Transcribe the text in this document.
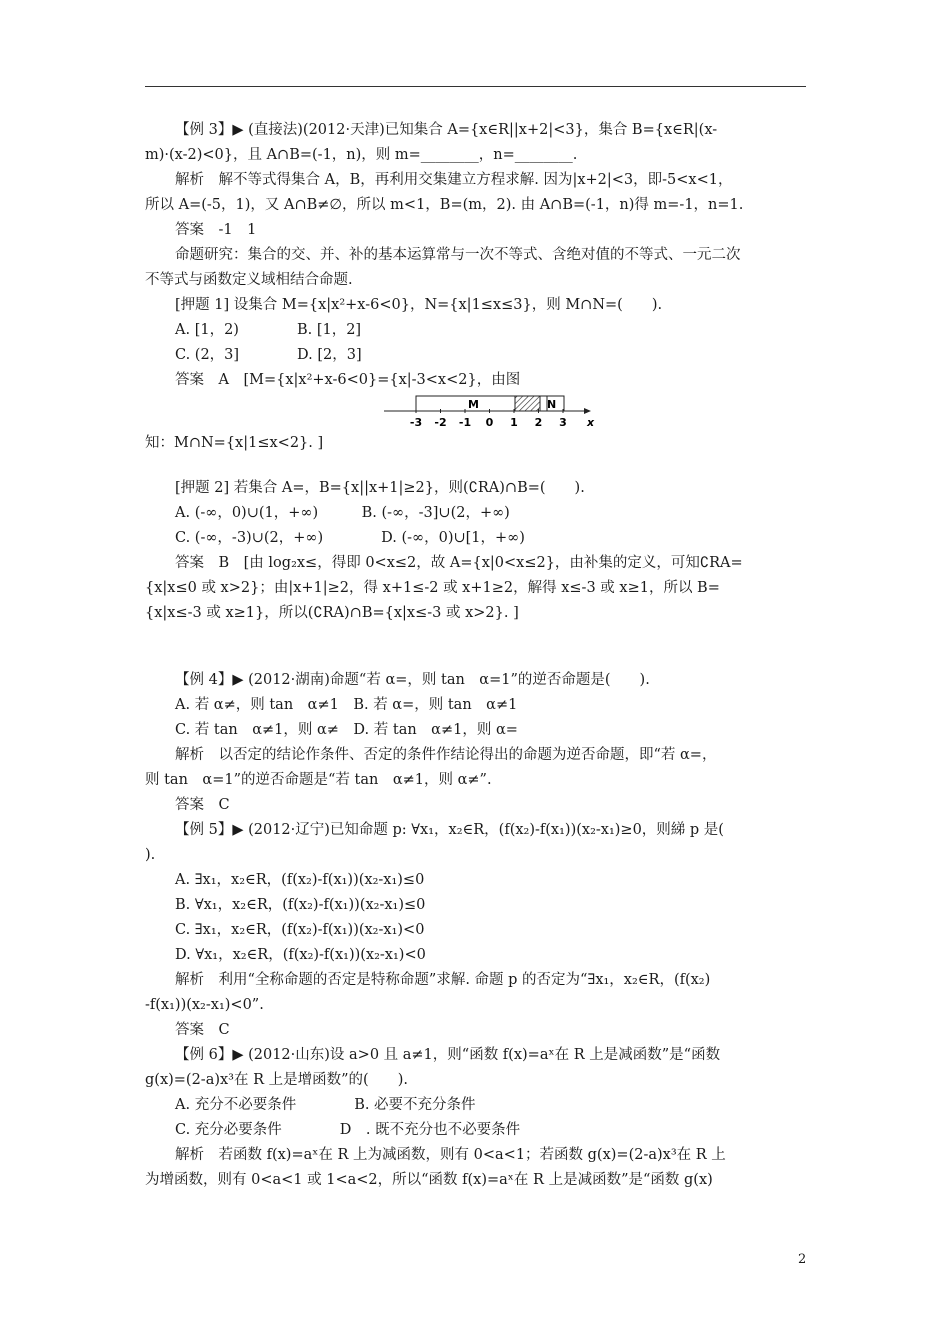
【例 3】▶ (直接法)(2012·天津)已知集合 A={x∈R||x+2|<3}，集合 B={x∈R|(x-
m)·(x-2)<0}，且 A∩B=(-1，n)，则 m=________，n=________.
解析　解不等式得集合 A，B，再利用交集建立方程求解. 因为|x+2|<3，即-5<x<1，
所以 A=(-5，1)，又 A∩B≠∅，所以 m<1，B=(m，2). 由 A∩B=(-1，n)得 m=-1，n=1.
答案　-1　1
命题研究：集合的交、并、补的基本运算常与一次不等式、含绝对值的不等式、一元二次
不等式与函数定义域相结合命题.
[押题 1] 设集合 M={x|x²+x-6<0}，N={x|1≤x≤3}，则 M∩N=(　　).
A. [1，2)　　　　B. [1，2]
C. (2，3]　　　　D. [2，3]
答案　A　[M={x|x²+x-6<0}={x|-3<x<2}，由图
M	N
-3 -2 -1 0 1 2 3 x
知：M∩N={x|1≤x<2}. ]
[押题 2] 若集合 A=，B={x||x+1|≥2}，则(∁RA)∩B=(　　).
A. (-∞，0)∪(1，+∞)　　　B. (-∞，-3]∪(2，+∞)
C. (-∞，-3)∪(2，+∞)　　　　D. (-∞，0)∪[1，+∞)
答案　B　[由 log₂x≤，得即 0<x≤2，故 A={x|0<x≤2}，由补集的定义，可知∁RA=
{x|x≤0 或 x>2}；由|x+1|≥2，得 x+1≤-2 或 x+1≥2，解得 x≤-3 或 x≥1，所以 B=
{x|x≤-3 或 x≥1}，所以(∁RA)∩B={x|x≤-3 或 x>2}. ]
【例 4】▶ (2012·湖南)命题“若 α=，则 tan　α=1”的逆否命题是(　　).
A. 若 α≠，则 tan　α≠1　B. 若 α=，则 tan　α≠1
C. 若 tan　α≠1，则 α≠　D. 若 tan　α≠1，则 α=
解析　以否定的结论作条件、否定的条件作结论得出的命题为逆否命题，即“若 α=，
则 tan　α=1”的逆否命题是“若 tan　α≠1，则 α≠”.
答案　C
【例 5】▶ (2012·辽宁)已知命题 p: ∀x₁，x₂∈R，(f(x₂)-f(x₁))(x₂-x₁)≥0，则綈 p 是(
).
A. ∃x₁，x₂∈R，(f(x₂)-f(x₁))(x₂-x₁)≤0
B. ∀x₁，x₂∈R，(f(x₂)-f(x₁))(x₂-x₁)≤0
C. ∃x₁，x₂∈R，(f(x₂)-f(x₁))(x₂-x₁)<0
D. ∀x₁，x₂∈R，(f(x₂)-f(x₁))(x₂-x₁)<0
解析　利用“全称命题的否定是特称命题”求解. 命题 p 的否定为“∃x₁，x₂∈R，(f(x₂)
-f(x₁))(x₂-x₁)<0”.
答案　C
【例 6】▶ (2012·山东)设 a>0 且 a≠1，则“函数 f(x)=aˣ在 R 上是减函数”是“函数
g(x)=(2-a)x³在 R 上是增函数”的(　　).
A. 充分不必要条件　　　　B. 必要不充分条件
C. 充分必要条件　　　　D　. 既不充分也不必要条件
解析　若函数 f(x)=aˣ在 R 上为减函数，则有 0<a<1；若函数 g(x)=(2-a)x³在 R 上
为增函数，则有 0<a<1 或 1<a<2，所以“函数 f(x)=aˣ在 R 上是减函数”是“函数 g(x)
2
